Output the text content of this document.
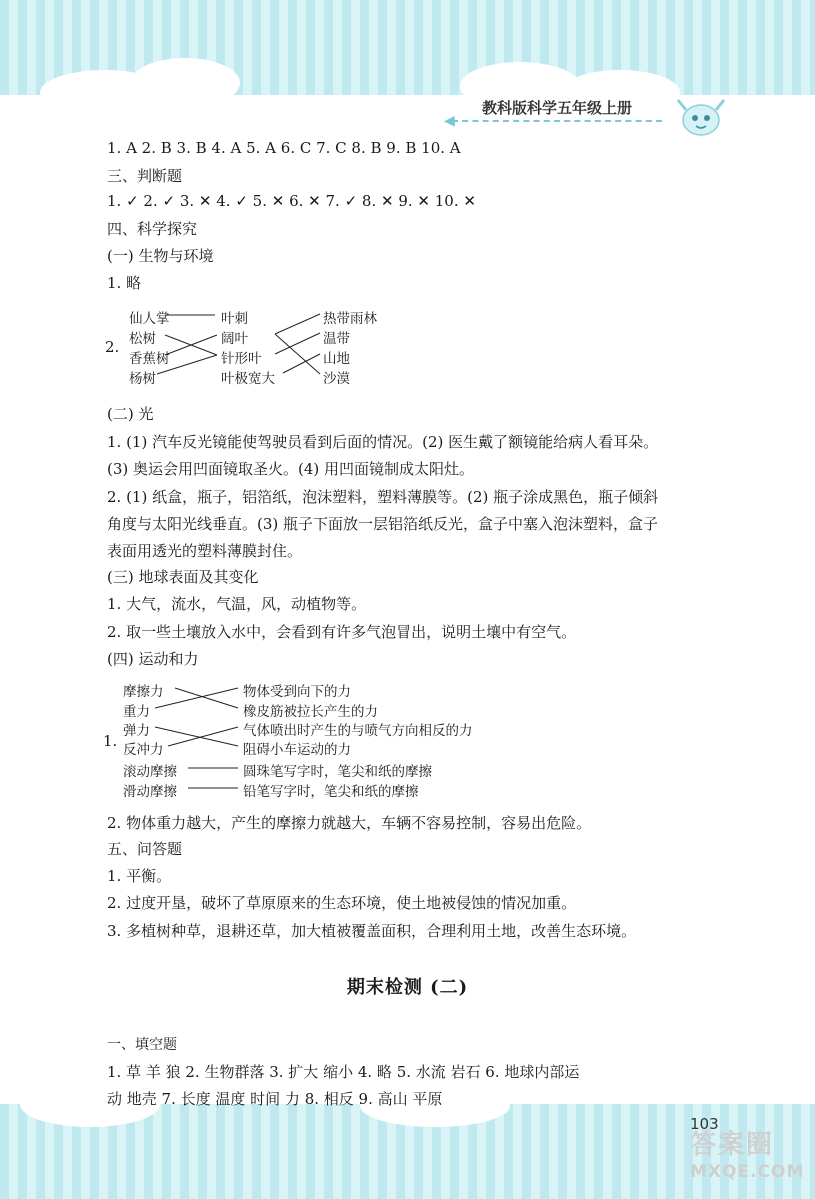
教科版科学五年级上册
◀
1. A 2. B 3. B 4. A 5. A 6. C 7. C 8. B 9. B 10. A
三、判断题
1. ✓ 2. ✓ 3. ✕ 4. ✓ 5. ✕ 6. ✕ 7. ✓ 8. ✕ 9. ✕ 10. ✕
四、科学探究
(一) 生物与环境
1. 略
2.
仙人掌
松树
香蕉树
杨树
叶刺
阔叶
针形叶
叶极宽大
热带雨林
温带
山地
沙漠
(二) 光
1. (1) 汽车反光镜能使驾驶员看到后面的情况。(2) 医生戴了额镜能给病人看耳朵。
(3) 奥运会用凹面镜取圣火。(4) 用凹面镜制成太阳灶。
2. (1) 纸盒，瓶子，铝箔纸，泡沫塑料，塑料薄膜等。(2) 瓶子涂成黑色，瓶子倾斜
角度与太阳光线垂直。(3) 瓶子下面放一层铝箔纸反光，盒子中塞入泡沫塑料，盒子
表面用透光的塑料薄膜封住。
(三) 地球表面及其变化
1. 大气，流水，气温，风，动植物等。
2. 取一些土壤放入水中，会看到有许多气泡冒出，说明土壤中有空气。
(四) 运动和力
1.
摩擦力
重力
弹力
反冲力
滚动摩擦
滑动摩擦
物体受到向下的力
橡皮筋被拉长产生的力
气体喷出时产生的与喷气方向相反的力
阻碍小车运动的力
圆珠笔写字时，笔尖和纸的摩擦
铅笔写字时，笔尖和纸的摩擦
2. 物体重力越大，产生的摩擦力就越大，车辆不容易控制，容易出危险。
五、问答题
1. 平衡。
2. 过度开垦，破坏了草原原来的生态环境，使土地被侵蚀的情况加重。
3. 多植树种草，退耕还草，加大植被覆盖面积，合理利用土地，改善生态环境。
期末检测 (二)
一、填空题
1. 草 羊 狼 2. 生物群落 3. 扩大 缩小 4. 略 5. 水流 岩石 6. 地球内部运
动 地壳 7. 长度 温度 时间 力 8. 相反 9. 高山 平原
103
答案圈
MXQE.COM
